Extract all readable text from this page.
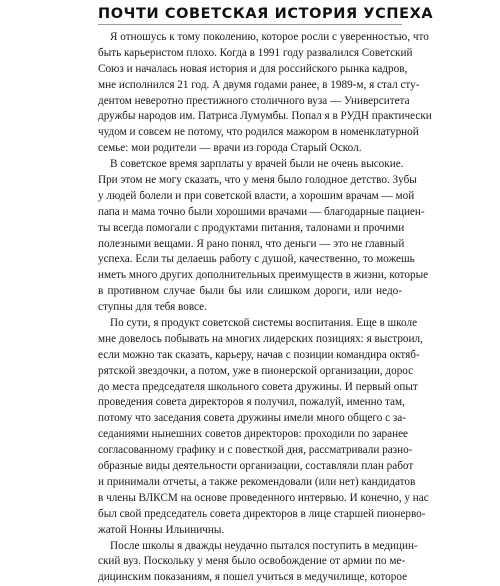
ПОЧТИ СОВЕТСКАЯ ИСТОРИЯ УСПЕХА

Я отношусь к тому поколению, которое росли с уверенностью, что
быть карьеристом плохо. Когда в 1991 году развалился Советский
Союз и началась новая история и для российского рынка кадров,
мне исполнился 21 год. А двумя годами ранее, в 1989-м, я стал сту-
дентом неверотно престижного столичного вуза — Университета
дружбы народов им. Патриса Лумумбы. Попал я в РУДН практически
чудом и совсем не потому, что родился мажором в номенклатурной
семье: мои родители — врачи из города Старый Оскол.

В советское время зарплаты у врачей были не очень высокие.
При этом не могу сказать, что у меня было голодное детство. Зубы
у людей болели и при советской власти, а хорошим врачам — мой
папа и мама точно были хорошими врачами — благодарные пациен-
ты всегда помогали с продуктами питания, талонами и прочими
полезными вещами. Я рано понял, что деньги — это не главный
успеха. Если ты делаешь работу с душой, качественно, то можешь
иметь много других дополнительных преимуществ в жизни, которые
в противном случае были бы или слишком дороги, или недо-
ступны для тебя вовсе.

По сути, я продукт советской системы воспитания. Еще в школе
мне довелось побывать на многих лидерских позициях: я выстроил,
если можно так сказать, карьеру, начав с позиции командира октяб-
рятской звездочки, а потом, уже в пионерской организации, дорос
до места председателя школьного совета дружины. И первый опыт
проведения совета директоров я получил, пожалуй, именно там,
потому что заседания совета дружины имели много общего с за-
седаниями нынешних советов директоров: проходили по заранее
согласованному графику и с повесткой дня, рассматривали разно-
образные виды деятельности организации, составляли план работ
и принимали отчеты, а также рекомендовали (или нет) кандидатов
в члены ВЛКСМ на основе проведенного интервью. И конечно, у нас
был свой председатель совета директоров в лице старшей пионерво-
жатой Нонны Ильиничны.

После школы я дважды неудачно пытался поступить в медицин-
ский вуз. Поскольку у меня было освобождение от армии по ме-
дицинским показаниям, я пошел учиться в медучилище, которое
